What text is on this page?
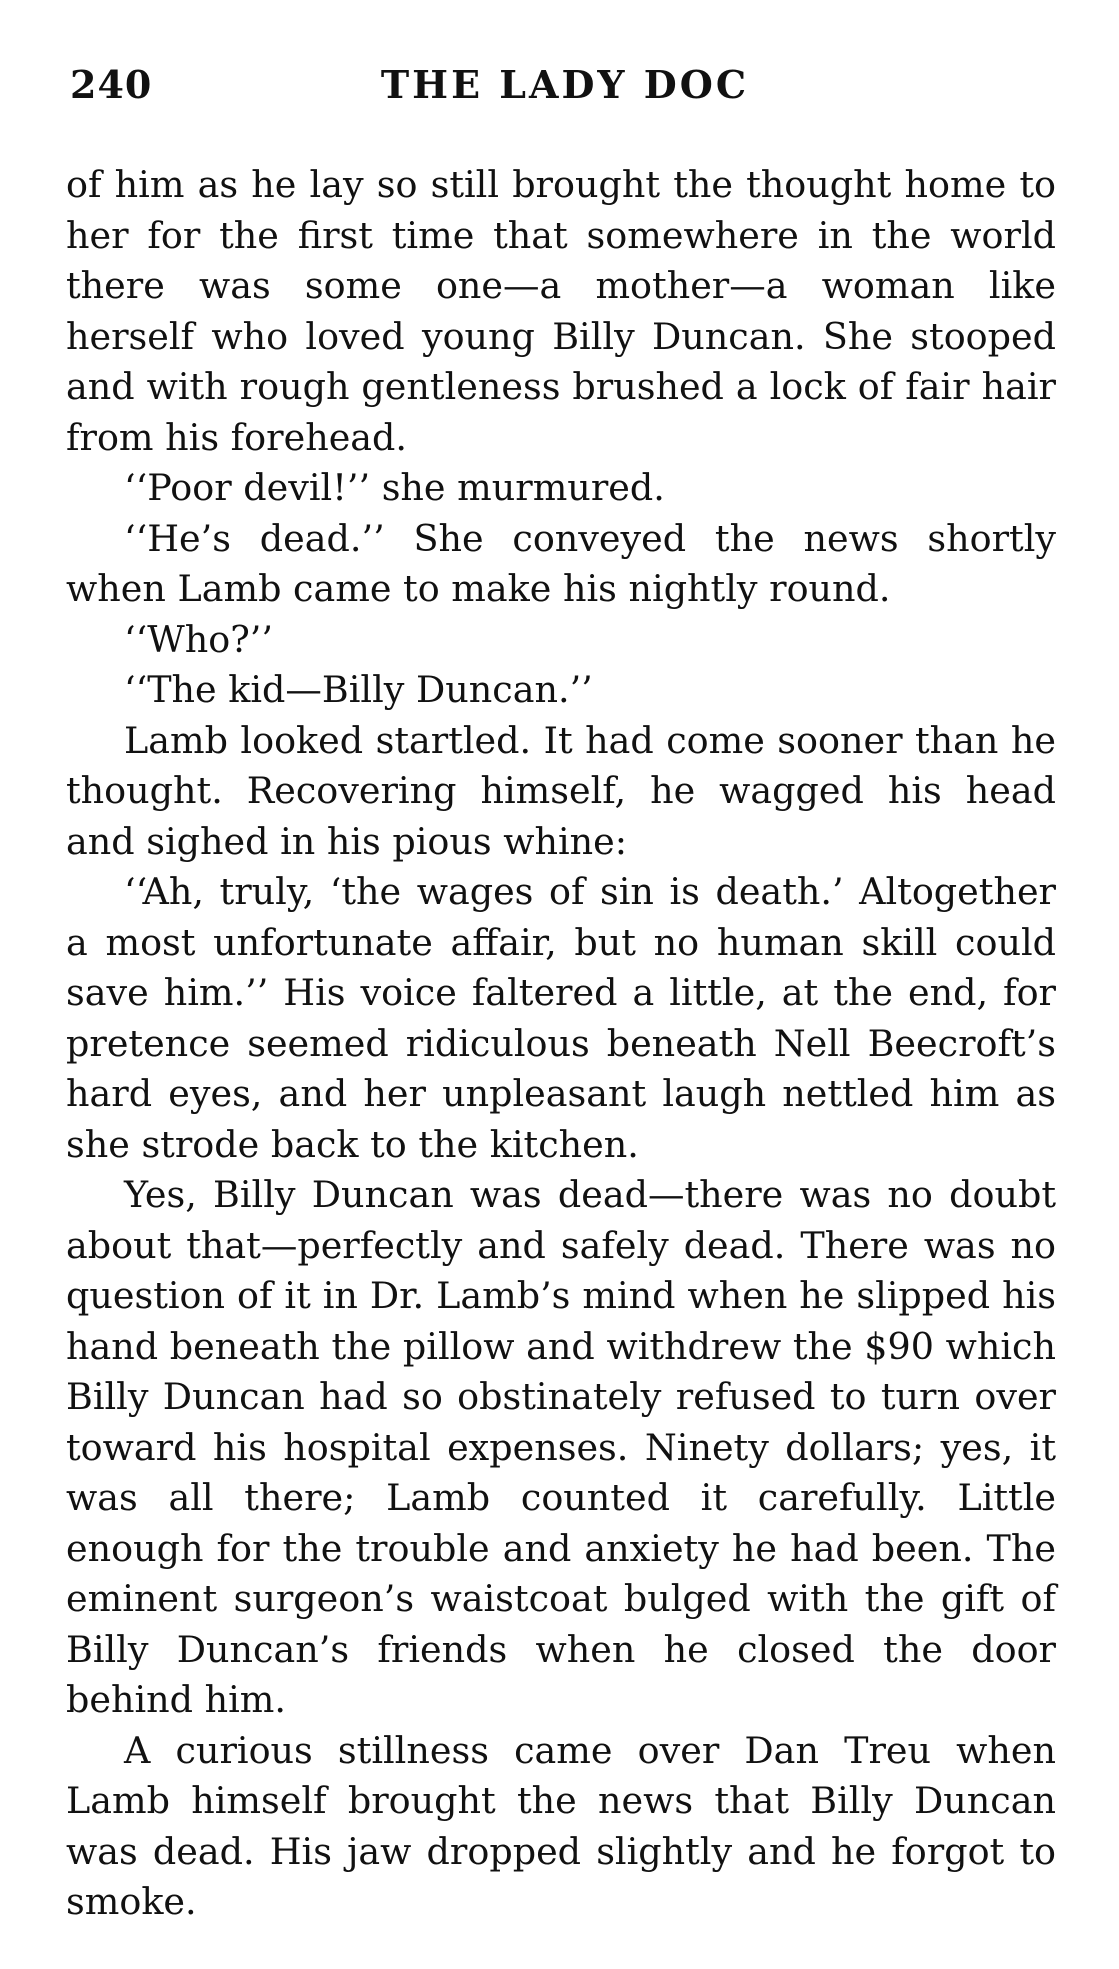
240	THE LADY DOC

of him as he lay so still brought the thought home to her for the first time that somewhere in the world there was some one—a mother—a woman like herself who loved young Billy Duncan. She stooped and with rough gentleness brushed a lock of fair hair from his forehead.

‘‘Poor devil!’’ she murmured.

‘‘He’s dead.’’ She conveyed the news shortly when Lamb came to make his nightly round.

‘‘Who?’’

‘‘The kid—Billy Duncan.’’

Lamb looked startled. It had come sooner than he thought. Recovering himself, he wagged his head and sighed in his pious whine:

‘‘Ah, truly, ‘the wages of sin is death.’ Altogether a most unfortunate affair, but no human skill could save him.’’ His voice faltered a little, at the end, for pretence seemed ridiculous beneath Nell Beecroft’s hard eyes, and her unpleasant laugh nettled him as she strode back to the kitchen.

Yes, Billy Duncan was dead—there was no doubt about that—perfectly and safely dead. There was no question of it in Dr. Lamb’s mind when he slipped his hand beneath the pillow and withdrew the $90 which Billy Duncan had so obstinately refused to turn over toward his hospital expenses. Ninety dollars; yes, it was all there; Lamb counted it carefully. Little enough for the trouble and anxiety he had been. The eminent surgeon’s waistcoat bulged with the gift of Billy Duncan’s friends when he closed the door behind him.

A curious stillness came over Dan Treu when Lamb himself brought the news that Billy Duncan was dead. His jaw dropped slightly and he forgot to smoke.
